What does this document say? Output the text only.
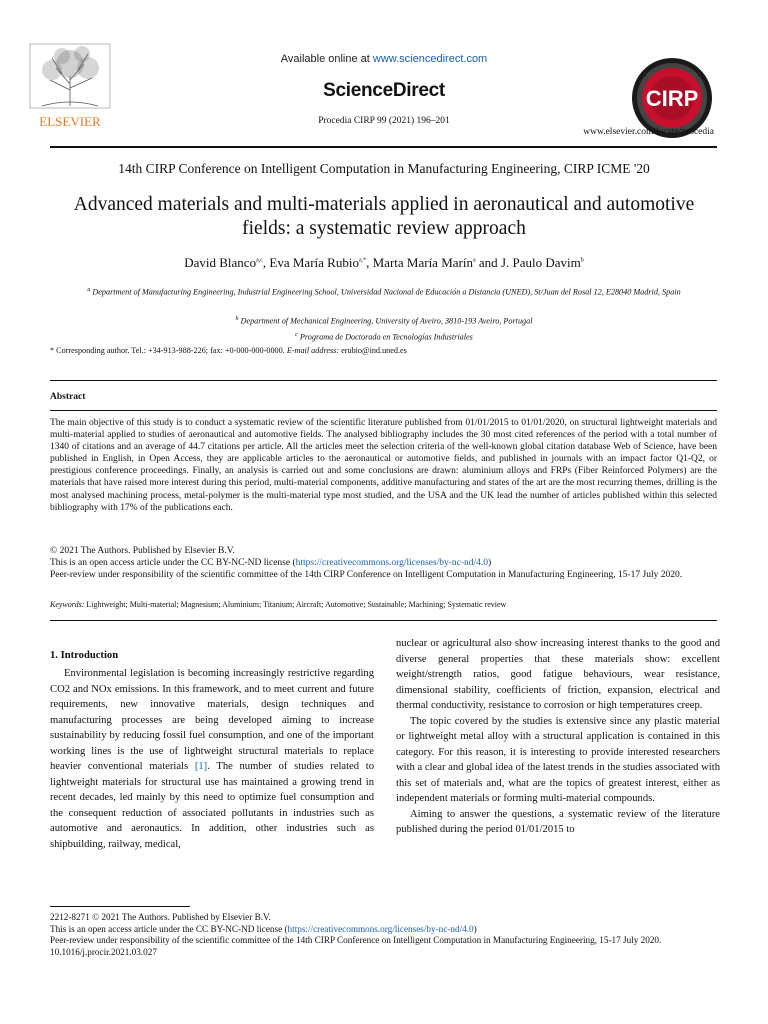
ELSEVIER
Available online at www.sciencedirect.com
ScienceDirect
Procedia CIRP 99 (2021) 196–201
CIRP
www.elsevier.com/locate/procedia
14th CIRP Conference on Intelligent Computation in Manufacturing Engineering, CIRP ICME '20
Advanced materials and multi-materials applied in aeronautical and automotive fields: a systematic review approach
David Blanco$^{a,c}$, Eva María Rubio$^{a,*}$, Marta María Marín$^a$ and J. Paulo Davim$^b$
$^a$ Department of Manufacturing Engineering, Industrial Engineering School, Universidad Nacional de Educación a Distancia (UNED), St/Juan del Rosal 12, E28040 Madrid, Spain
$^b$ Department of Mechanical Engineering, University of Aveiro, 3810-193 Aveiro, Portugal
$^c$ Programa de Doctorado en Tecnologías Industriales
* Corresponding author. Tel.: +34-913-988-226; fax: +0-000-000-0000. E-mail address: erubio@ind.uned.es
Abstract
The main objective of this study is to conduct a systematic review of the scientific literature published from 01/01/2015 to 01/01/2020, on structural lightweight materials and multi-material applied to studies of aeronautical and automotive fields. The analysed bibliography includes the 30 most cited references of the period with a total number of 1340 of citations and an average of 44.7 citations per article. All the articles meet the selection criteria of the well-known global citation database Web of Science, have been published in English, in Open Access, they are applicable articles to the aeronautical or automotive fields, and published in journals with an impact factor Q1-Q2, or prestigious conference proceedings. Finally, an analysis is carried out and some conclusions are drawn: aluminium alloys and FRPs (Fiber Reinforced Polymers) are the materials that have raised more interest during this period, multi-material components, additive manufacturing and states of the art are the most recurring themes, drilling is the most analysed machining process, metal-polymer is the multi-material type most studied, and the USA and the UK lead the number of articles published within this selected bibliography with 17% of the publications each.
© 2021 The Authors. Published by Elsevier B.V.
This is an open access article under the CC BY-NC-ND license (https://creativecommons.org/licenses/by-nc-nd/4.0)
Peer-review under responsibility of the scientific committee of the 14th CIRP Conference on Intelligent Computation in Manufacturing Engineering, 15-17 July 2020.
Keywords: Lightweight; Multi-material; Magnesium; Aluminium; Titanium; Aircraft; Automotive; Sustainable; Machining; Systematic review
1. Introduction

Environmental legislation is becoming increasingly restrictive regarding CO2 and NOx emissions. In this framework, and to meet current and future requirements, new innovative materials, design techniques and manufacturing processes are being developed aiming to increase sustainability by reducing fossil fuel consumption, and one of the important working lines is the use of lightweight structural materials to replace heavier conventional materials [1]. The number of studies related to lightweight materials for structural use has maintained a growing trend in recent decades, led mainly by this need to optimize fuel consumption and the consequent reduction of associated pollutants in industries such as automotive and aeronautics. In addition, other industries such as shipbuilding, railway, medical,

nuclear or agricultural also show increasing interest thanks to the good and diverse general properties that these materials show: excellent weight/strength ratios, good fatigue behaviours, wear resistance, dimensional stability, coefficients of friction, expansion, electrical and thermal conductivity, resistance to corrosion or high temperatures creep.

The topic covered by the studies is extensive since any plastic material or lightweight metal alloy with a structural application is contained in this category. For this reason, it is interesting to provide interested researchers with a clear and global idea of the latest trends in the studies associated with this set of materials and, what are the topics of greatest interest, either as independent materials or forming multi-material compounds.

Aiming to answer the questions, a systematic review of the literature published during the period 01/01/2015 to

2212-8271 © 2021 The Authors. Published by Elsevier B.V.
This is an open access article under the CC BY-NC-ND license (https://creativecommons.org/licenses/by-nc-nd/4.0)
Peer-review under responsibility of the scientific committee of the 14th CIRP Conference on Intelligent Computation in Manufacturing Engineering, 15-17 July 2020.
10.1016/j.procir.2021.03.027
